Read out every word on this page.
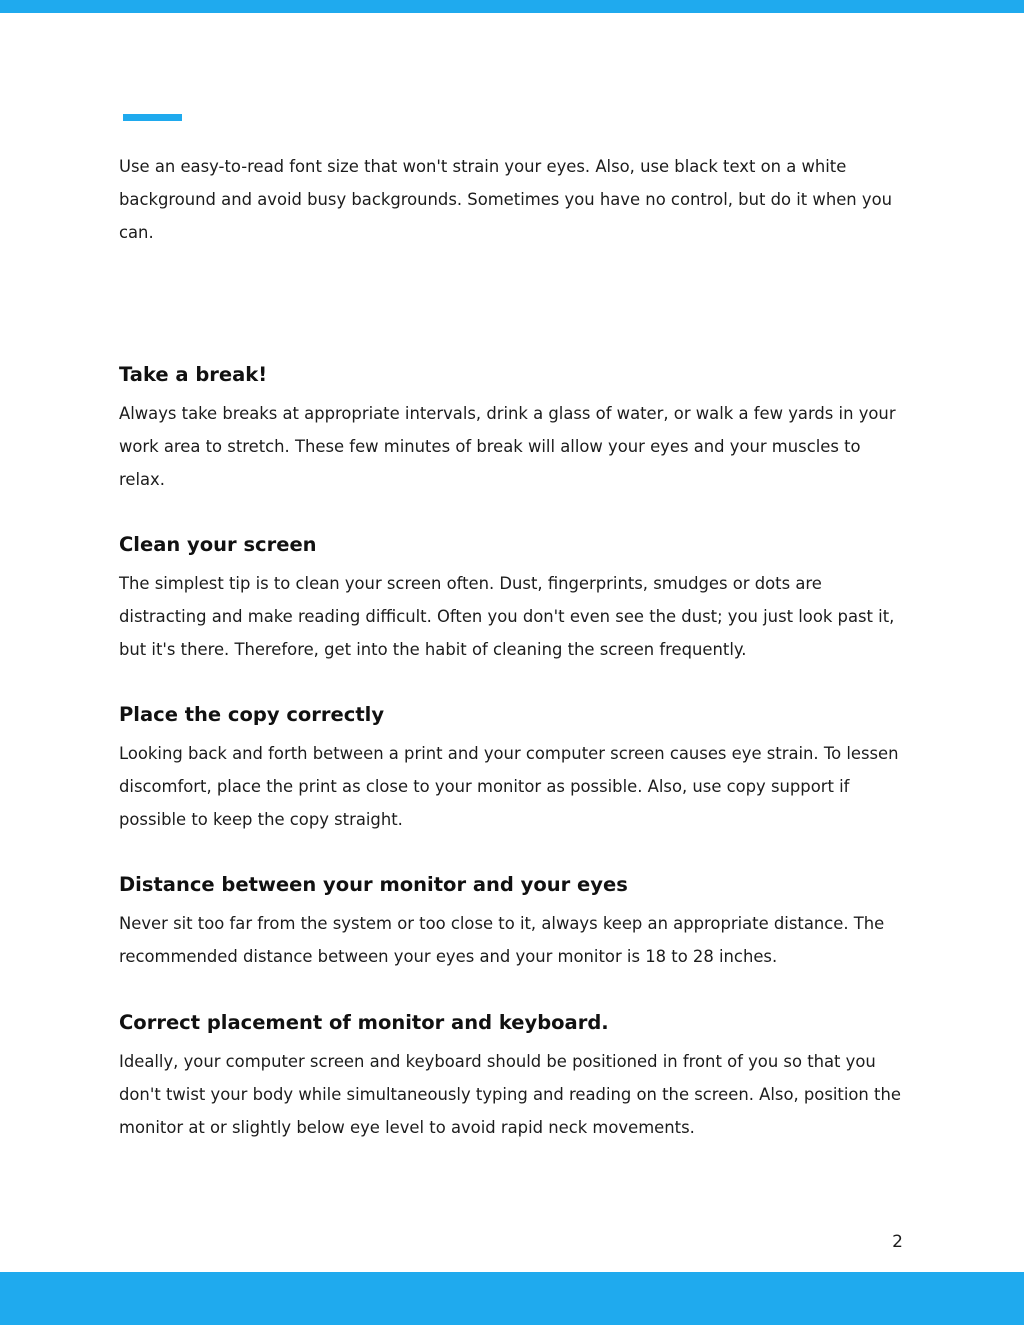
Use an easy-to-read font size that won't strain your eyes. Also, use black text on a white background and avoid busy backgrounds. Sometimes you have no control, but do it when you can.

Take a break!

Always take breaks at appropriate intervals, drink a glass of water, or walk a few yards in your work area to stretch. These few minutes of break will allow your eyes and your muscles to relax.

Clean your screen

The simplest tip is to clean your screen often. Dust, fingerprints, smudges or dots are distracting and make reading difficult. Often you don't even see the dust; you just look past it, but it's there. Therefore, get into the habit of cleaning the screen frequently.

Place the copy correctly

Looking back and forth between a print and your computer screen causes eye strain. To lessen discomfort, place the print as close to your monitor as possible. Also, use copy support if possible to keep the copy straight.

Distance between your monitor and your eyes

Never sit too far from the system or too close to it, always keep an appropriate distance. The recommended distance between your eyes and your monitor is 18 to 28 inches.

Correct placement of monitor and keyboard.

Ideally, your computer screen and keyboard should be positioned in front of you so that you don't twist your body while simultaneously typing and reading on the screen. Also, position the monitor at or slightly below eye level to avoid rapid neck movements.

2
